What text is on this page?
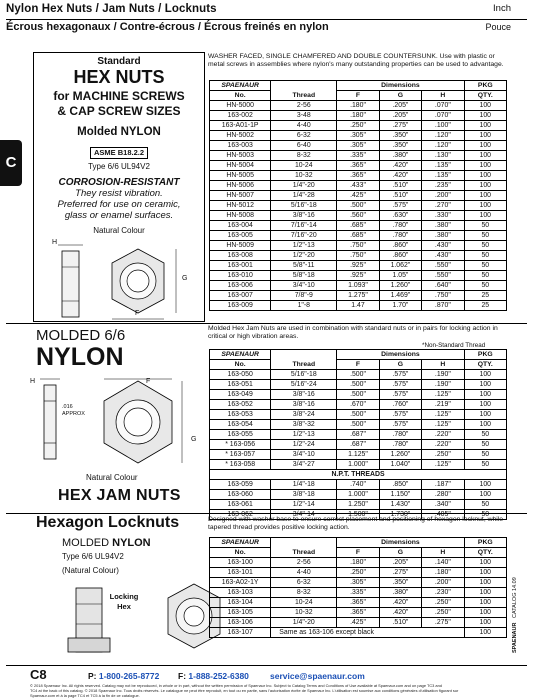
Nylon Hex Nuts / Jam Nuts / Locknuts	Inch
Écrous hexagonaux / Contre-écrous / Écrous freinés en nylon	Pouce
C
Standard
HEX NUTS
for MACHINE SCREWS
& CAP SCREW SIZES
Molded NYLON
ASME B18.2.2
Type 6/6 UL94V2
CORROSION-RESISTANT
They resist vibration.
Preferred for use on ceramic,
glass or enamel surfaces.
Natural Colour
H
G
F
WASHER FACED, SINGLE CHAMFERED AND DOUBLE COUNTERSUNK. Use with plastic or metal screws in assemblies where nylon's many outstanding properties can be used to advantage.
SPAENAUR		Dimensions			PKG
No.	Thread	F	G	H	QTY.
HN-5000	2-56	.180"	.205"	.070"	100
163-002	3-48	.180"	.205"	.070"	100
163-A01-1P	4-40	.250"	.275"	.100"	100
HN-5002	6-32	.305"	.350"	.120"	100
163-003	6-40	.305"	.350"	.120"	100
HN-5003	8-32	.335"	.380"	.130"	100
HN-5004	10-24	.365"	.420"	.135"	100
HN-5005	10-32	.365"	.420"	.135"	100
HN-5006	1/4"-20	.433"	.510"	.235"	100
HN-5007	1/4"-28	.425"	.510"	.200"	100
HN-5012	5/16"-18	.500"	.575"	.270"	100
HN-5008	3/8"-16	.560"	.630"	.330"	100
163-004	7/16"-14	.685"	.780"	.380"	50
163-005	7/16"-20	.685"	.780"	.380"	50
HN-5009	1/2"-13	.750"	.860"	.430"	50
163-008	1/2"-20	.750"	.860"	.430"	50
163-001	5/8"-11	.925"	1.062"	.550"	50
163-010	5/8"-18	.925"	1.05"	.550"	50
163-006	3/4"-10	1.093"	1.260"	.640"	50
163-007	7/8"-9	1.275"	1.469"	.750"	25
163-009	1"-8	1.47	1.70"	.870"	25
MOLDED 6/6
NYLON
H	F
G
.016 APPROX
Natural Colour
HEX JAM NUTS
Molded Hex Jam Nuts are used in combination with standard nuts or in pairs for locking action in critical or high vibration areas.
*Non-Standard Thread
SPAENAUR		Dimensions			PKG
No.	Thread	F	G	H	QTY.
163-050	5/16"-18	.500"	.575"	.190"	100
163-051	5/16"-24	.500"	.575"	.190"	100
163-049	3/8"-16	.500"	.575"	.125"	100
163-052	3/8"-16	.670"	.760"	.219"	100
163-053	3/8"-24	.500"	.575"	.125"	100
163-054	3/8"-32	.500"	.575"	.125"	100
163-055	1/2"-13	.687"	.780"	.220"	50
* 163-056	1/2"-24	.687"	.780"	.220"	50
* 163-057	3/4"-10	1.125"	1.260"	.250"	50
* 163-058	3/4"-27	1.000"	1.040"	.125"	50
N.P.T. THREADS					
163-059	1/4"-18	.740"	.850"	.187"	100
163-060	3/8"-18	1.000"	1.150"	.280"	100
163-061	1/2"-14	1.250"	1.430"	.340"	50
163-062	3/4"-14	1.500"	1.730"	.405"	50
Hexagon Locknuts
MOLDED NYLON
Type 6/6 UL94V2
(Natural Colour)
Locking
Hex
Designed with washer base to ensure correct placement and positioning of hexagon locknut, while tapered thread provides positive locking action.
SPAENAUR		Dimensions			PKG
No.	Thread	F	G	H	QTY.
163-100	2-56	.180"	.205"	.140"	100
163-101	4-40	.250"	.275"	.180"	100
163-A02-1Y	6-32	.305"	.350"	.200"	100
163-103	8-32	.335"	.380"	.230"	100
163-104	10-24	.365"	.420"	.250"	100
163-105	10-32	.365"	.420"	.250"	100
163-106	1/4"-20	.425"	.510"	.275"	100
163-107	Same as 163-106 except black				100
CATALOG 14.09
SPAENAUR
C8	P: 1-800-265-8772 F: 1-888-252-6380 service@spaenaur.com
© 2018 Spaenaur Inc. All rights reserved. Catalog may not be reproduced, in whole or in part, without the written permission of Spaenaur Inc. Subject to Catalog Terms and Conditions of Use available at Spaenaur.com and on page TC3 and
TC4 at the back of this catalog. © 2018 Spaenaur Inc. Tous droits réservés. Le catalogue ne peut être reproduit, en tout ou en partie, sans l'autorisation écrite de Spaenaur Inc. L'utilisation est soumise aux conditions générales d'utilisation figurant sur
Spaenaur.com et à la page TC4 et TC5 à la fin de ce catalogue.
